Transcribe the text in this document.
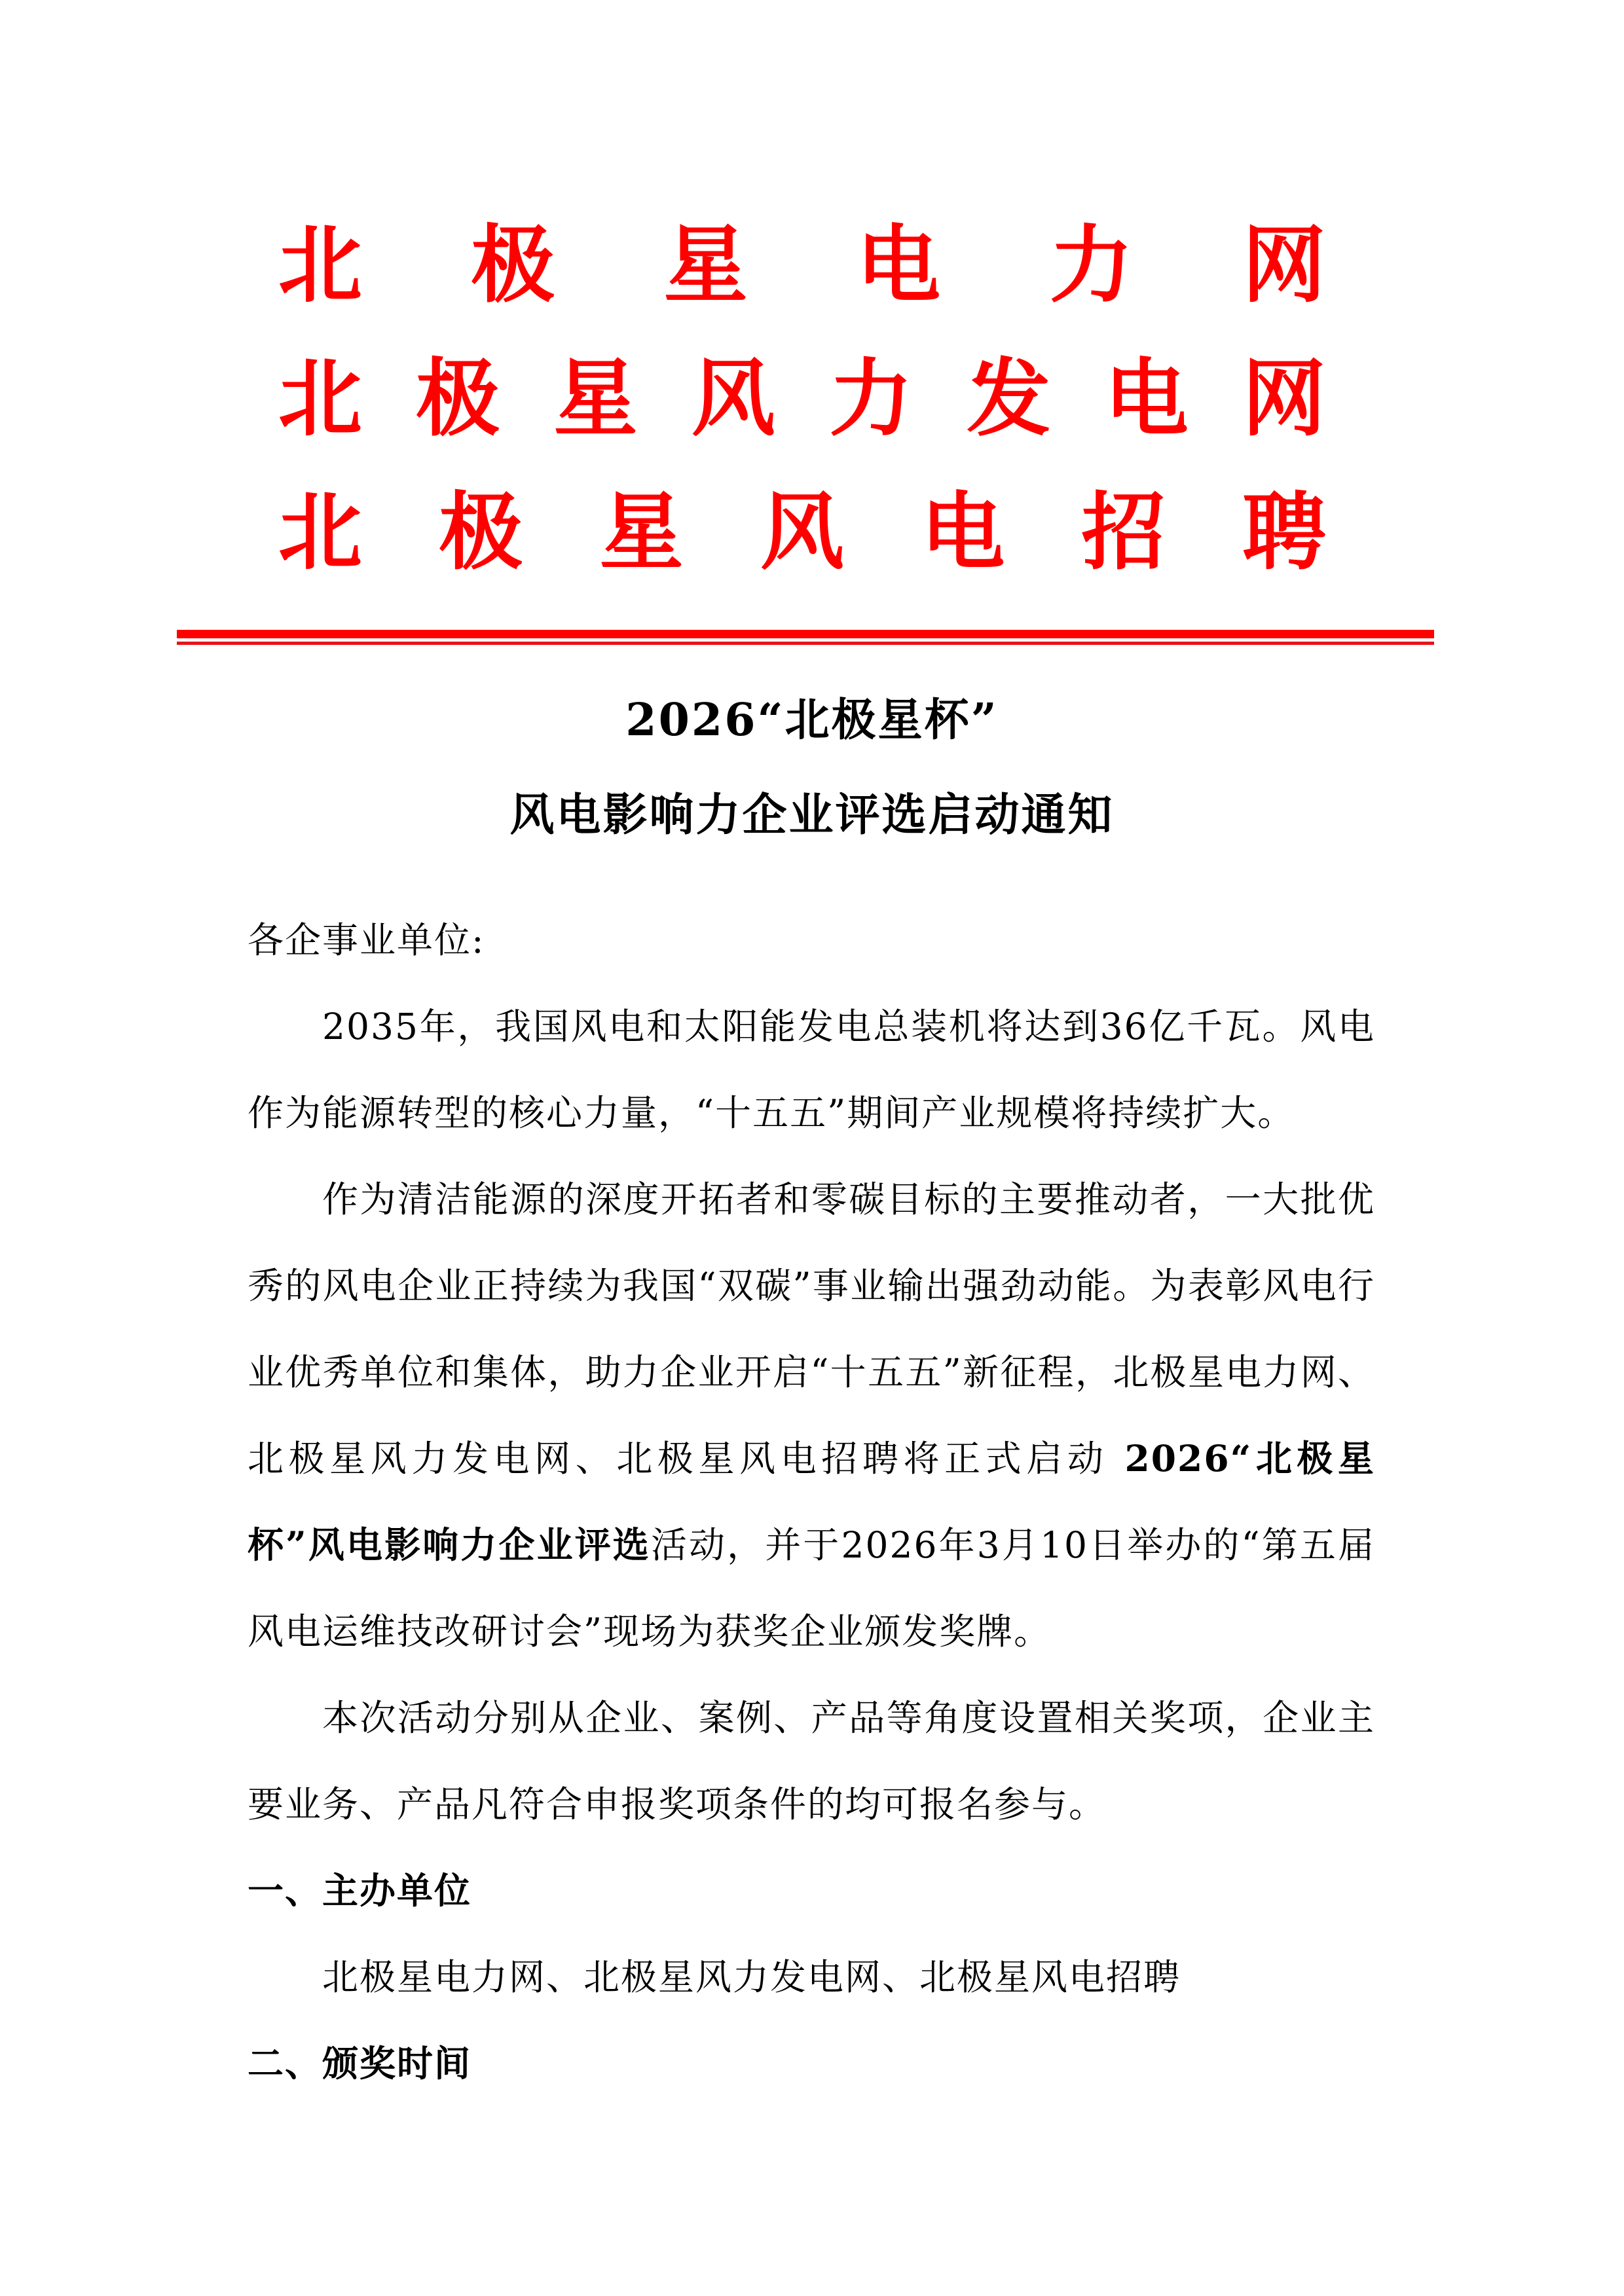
北 极 星 电 力 网
北 极 星 风 力 发 电 网
北 极 星 风 电 招 聘
2026“北极星杯”
风电影响力企业评选启动通知

各企事业单位:

2035年，我国风电和太阳能发电总装机将达到36亿千瓦。风电作为能源转型的核心力量，“十五五”期间产业规模将持续扩大。

作为清洁能源的深度开拓者和零碳目标的主要推动者，一大批优秀的风电企业正持续为我国“双碳”事业输出强劲动能。为表彰风电行业优秀单位和集体，助力企业开启“十五五”新征程，北极星电力网、北极星风力发电网、北极星风电招聘将正式启动 2026“北极星杯”风电影响力企业评选活动，并于2026年3月10日举办的“第五届风电运维技改研讨会”现场为获奖企业颁发奖牌。

本次活动分别从企业、案例、产品等角度设置相关奖项，企业主要业务、产品凡符合申报奖项条件的均可报名参与。

一、主办单位

北极星电力网、北极星风力发电网、北极星风电招聘

二、颁奖时间
